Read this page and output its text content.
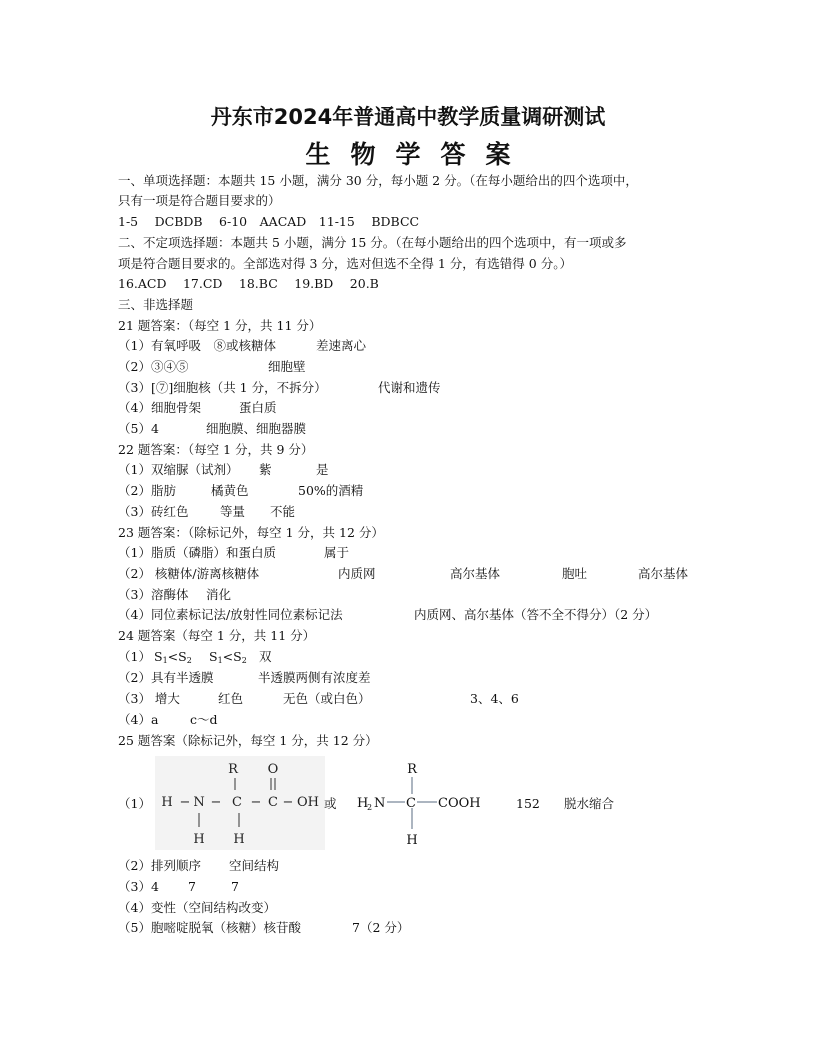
丹东市2024年普通高中教学质量调研测试
生物学答案
一、单项选择题：本题共 15 小题，满分 30 分，每小题 2 分。（在每小题给出的四个选项中，
只有一项是符合题目要求的）
1-5　 DCBDB　 6-10　AACAD　11-15　 BDBCC
二、不定项选择题：本题共 5 小题，满分 15 分。（在每小题给出的四个选项中，有一项或多
项是符合题目要求的。全部选对得 3 分，选对但选不全得 1 分，有选错得 0 分。）
16.ACD　 17.CD　 18.BC　 19.BD　 20.B
三、非选择题
21 题答案：（每空 1 分，共 11 分）
（1）有氧呼吸　⑧或核糖体	差速离心
（2）③④⑤	细胞壁
（3）[⑦]细胞核（共 1 分，不拆分）	代谢和遗传
（4）细胞骨架	蛋白质
（5）4	细胞膜、细胞器膜
22 题答案：（每空 1 分，共 9 分）
（1）双缩脲（试剂） 紫	是
（2）脂肪	橘黄色	50%的酒精
（3）砖红色	等量 不能
23 题答案：（除标记外，每空 1 分，共 12 分）
（1）脂质（磷脂）和蛋白质	属于
（2） 核糖体/游离核糖体	内质网	高尔基体	胞吐	高尔基体
（3）溶酶体 消化
（4）同位素标记法/放射性同位素标记法	内质网、高尔基体（答不全不得分）（2 分）
24 题答案（每空 1 分，共 11 分）
（1） $S_1<S_2$ $S_1<S_2$ 双
（2）具有半透膜	半透膜两侧有浓度差
（3） 增大	红色	无色（或白色）	3、4、6
（4）a	c～d
25 题答案（除标记外，每空 1 分，共 12 分）
（1）
R O
H − N − C − C − OH
H H
或
R
H
2 N C COOH
H
152	脱水缩合
（2）排列顺序 空间结构
（3）4 7	7
（4）变性（空间结构改变）
（5）胞嘧啶脱氧（核糖）核苷酸	7（2 分）
